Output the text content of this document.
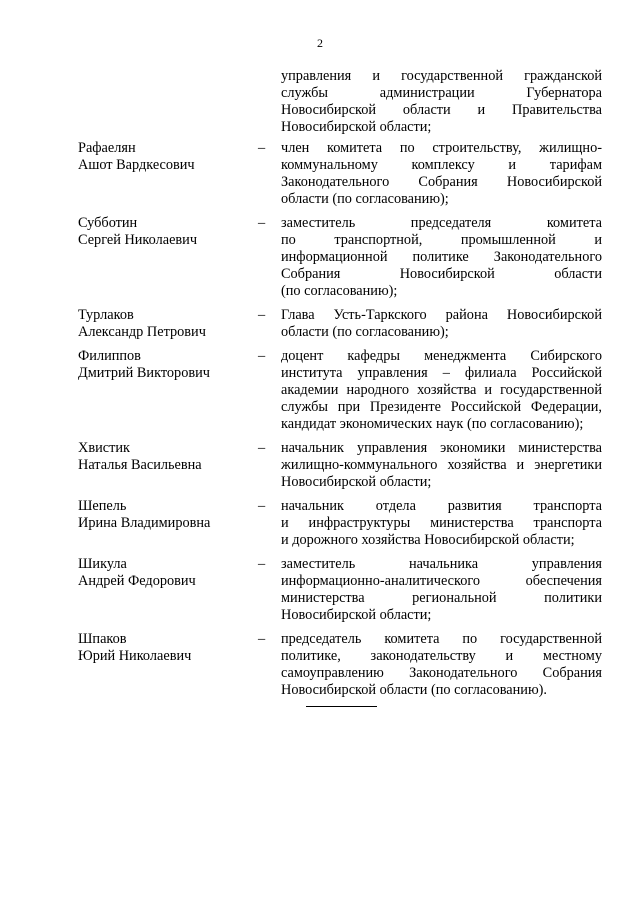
2
управления и государственной гражданской
службы администрации Губернатора
Новосибирской области и Правительства
Новосибирской области;
Рафаелян
Ашот Вардкесович
–	член комитета по строительству, жилищно-
коммунальному комплексу и тарифам
Законодательного Собрания Новосибирской
области (по согласованию);
Субботин
Сергей Николаевич
–	заместитель председателя комитета
по транспортной, промышленной и
информационной политике Законодательного
Собрания Новосибирской области
(по согласованию);
Турлаков
Александр Петрович
–	Глава Усть-Таркского района Новосибирской
области (по согласованию);
Филиппов
Дмитрий Викторович
–	доцент кафедры менеджмента Сибирского
института управления – филиала Российской
академии народного хозяйства и государственной
службы при Президенте Российской Федерации,
кандидат экономических наук (по согласованию);
Хвистик
Наталья Васильевна
–	начальник управления экономики министерства
жилищно-коммунального хозяйства и энергетики
Новосибирской области;
Шепель
Ирина Владимировна
–	начальник отдела развития транспорта
и инфраструктуры министерства транспорта
и дорожного хозяйства Новосибирской области;
Шикула
Андрей Федорович
–	заместитель начальника управления
информационно-аналитического обеспечения
министерства региональной политики
Новосибирской области;
Шпаков
Юрий Николаевич
–	председатель комитета по государственной
политике, законодательству и местному
самоуправлению Законодательного Собрания
Новосибирской области (по согласованию).
